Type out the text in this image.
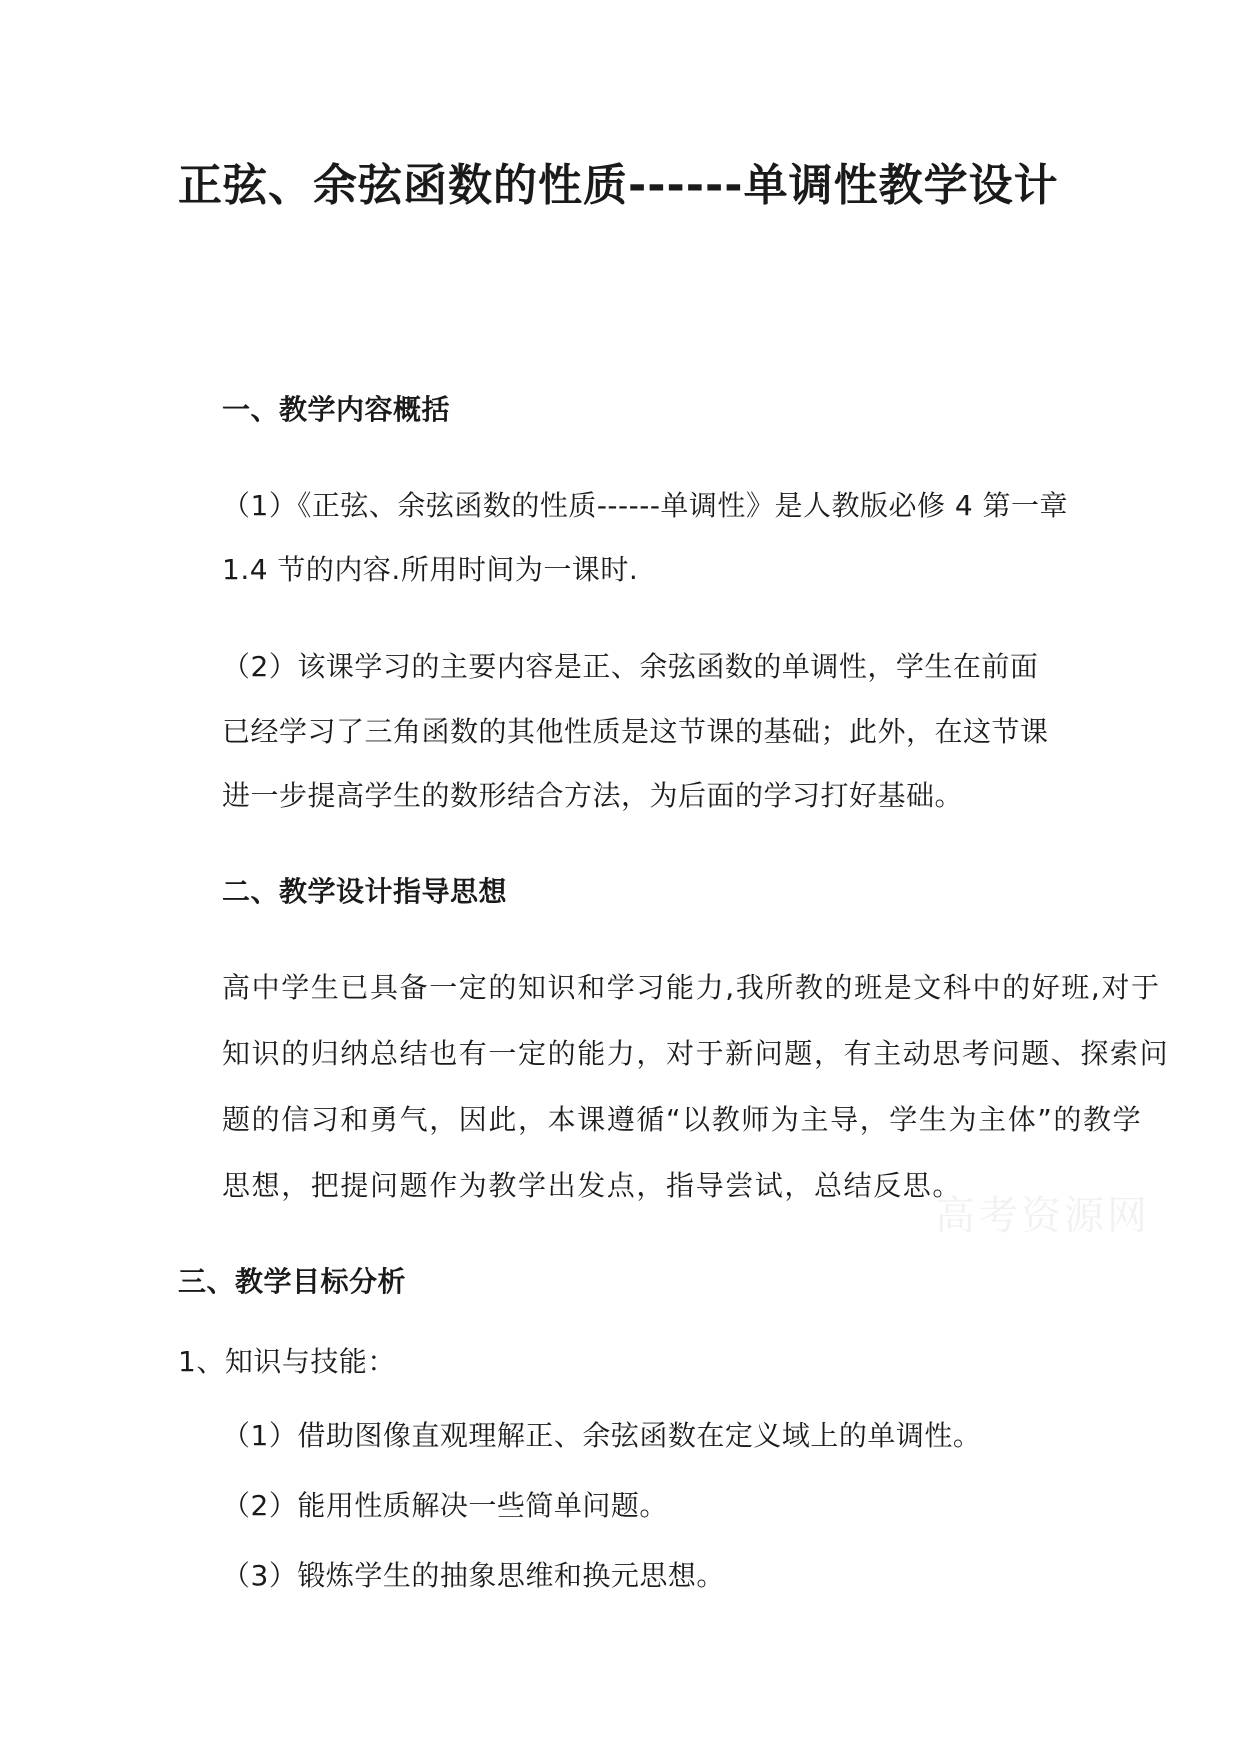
正弦、余弦函数的性质------单调性教学设计
一、教学内容概括
（1）《正弦、余弦函数的性质------单调性》是人教版必修 4 第一章
1.4 节的内容.所用时间为一课时.
（2）该课学习的主要内容是正、余弦函数的单调性，学生在前面
已经学习了三角函数的其他性质是这节课的基础；此外，在这节课
进一步提高学生的数形结合方法，为后面的学习打好基础。
二、教学设计指导思想
高中学生已具备一定的知识和学习能力,我所教的班是文科中的好班,对于
知识的归纳总结也有一定的能力，对于新问题，有主动思考问题、探索问
题的信习和勇气，因此，本课遵循“以教师为主导，学生为主体”的教学
思想，把提问题作为教学出发点，指导尝试，总结反思。
高考资源网
三、教学目标分析
1、知识与技能：
（1）借助图像直观理解正、余弦函数在定义域上的单调性。
（2）能用性质解决一些简单问题。
（3）锻炼学生的抽象思维和换元思想。
